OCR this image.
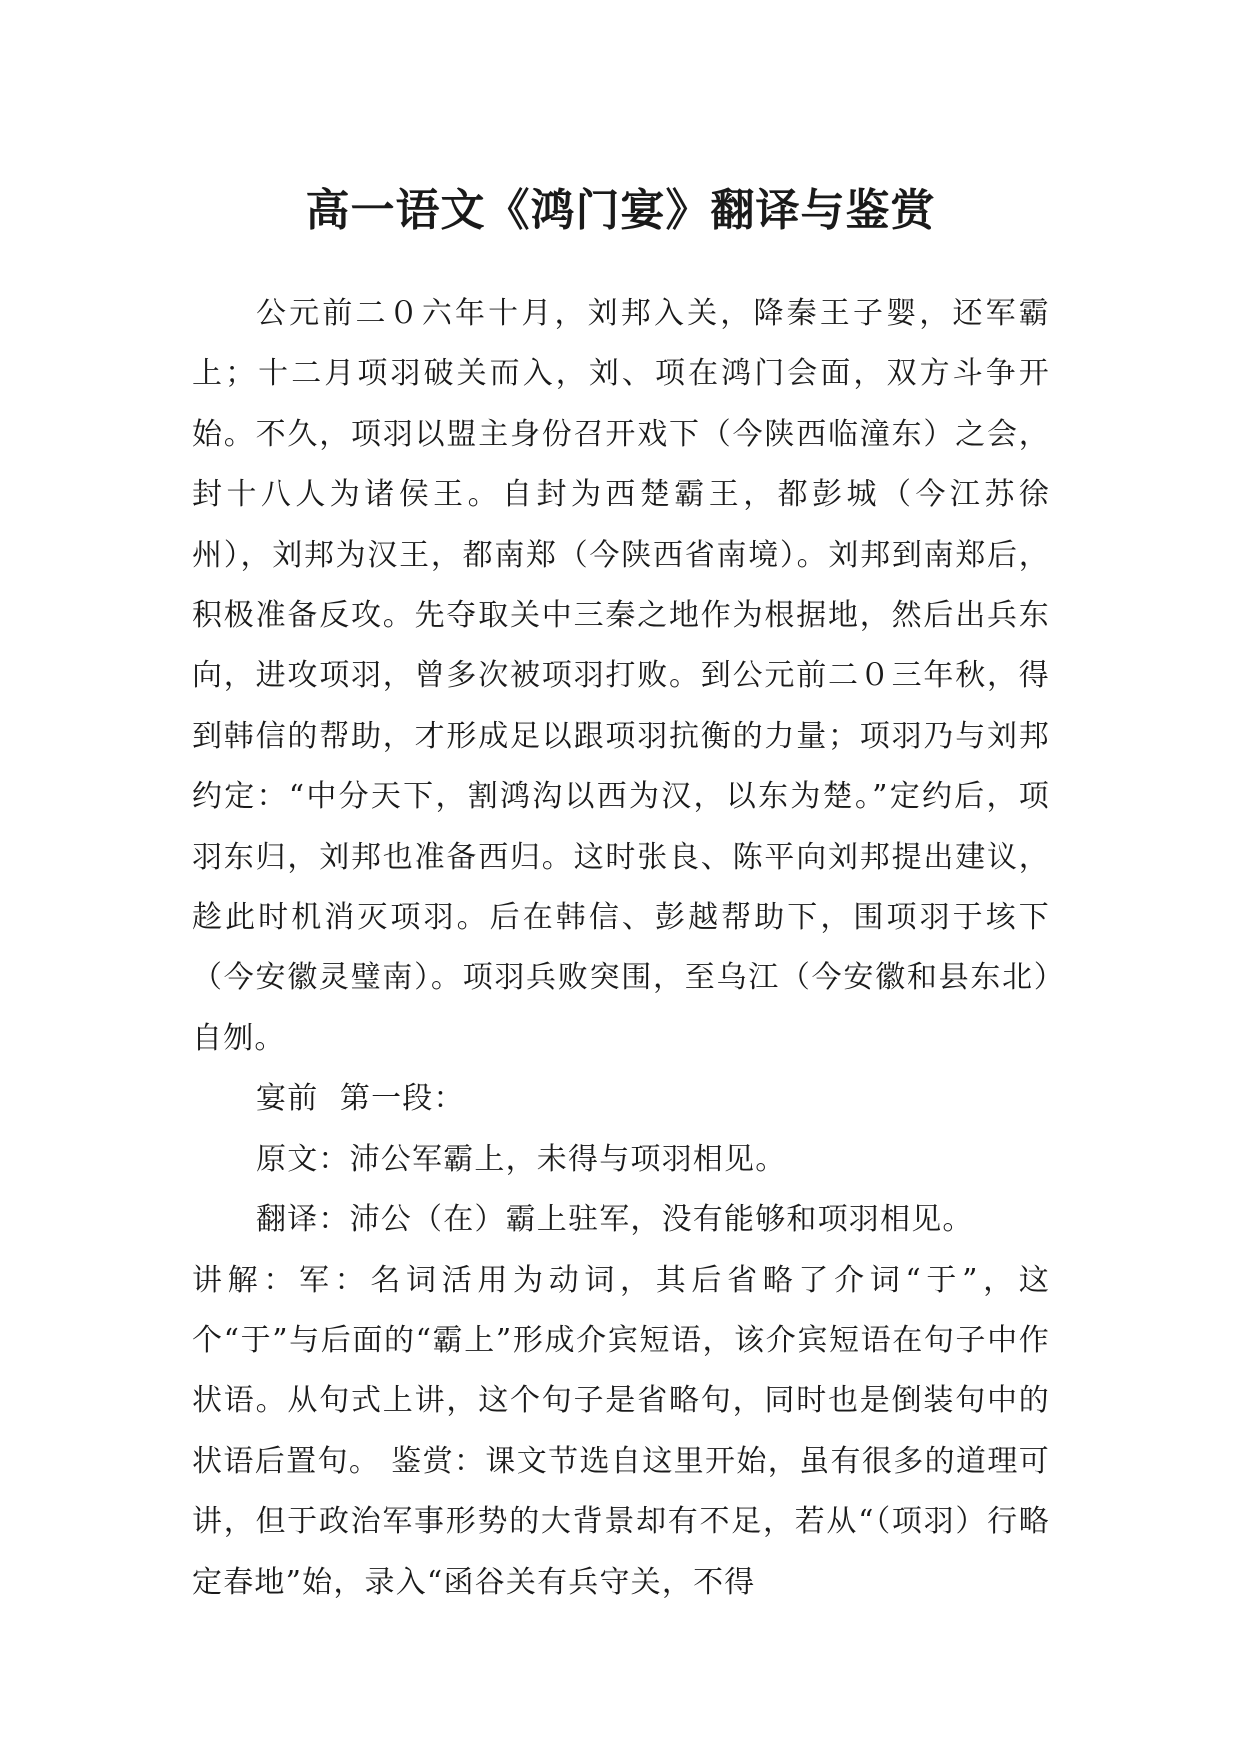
高一语文《鸿门宴》翻译与鉴赏

公元前二０六年十月，刘邦入关，降秦王子婴，还军霸上；十二月项羽破关而入，刘、项在鸿门会面，双方斗争开始。不久，项羽以盟主身份召开戏下（今陕西临潼东）之会，封十八人为诸侯王。自封为西楚霸王，都彭城（今江苏徐州），刘邦为汉王，都南郑（今陕西省南境）。刘邦到南郑后，积极准备反攻。先夺取关中三秦之地作为根据地，然后出兵东向，进攻项羽，曾多次被项羽打败。到公元前二０三年秋，得到韩信的帮助，才形成足以跟项羽抗衡的力量；项羽乃与刘邦约定：“中分天下，割鸿沟以西为汉，以东为楚。”定约后，项羽东归，刘邦也准备西归。这时张良、陈平向刘邦提出建议，趁此时机消灭项羽。后在韩信、彭越帮助下，围项羽于垓下（今安徽灵璧南）。项羽兵败突围，至乌江（今安徽和县东北）自刎。

宴前  第一段：

原文：沛公军霸上，未得与项羽相见。

翻译：沛公（在）霸上驻军，没有能够和项羽相见。

讲解：军：名词活用为动词，其后省略了介词“于”，这个“于”与后面的“霸上”形成介宾短语，该介宾短语在句子中作状语。从句式上讲，这个句子是省略句，同时也是倒装句中的状语后置句。 鉴赏：课文节选自这里开始，虽有很多的道理可讲，但于政治军事形势的大背景却有不足，若从“（项羽）行略定春地”始，录入“函谷关有兵守关，不得
